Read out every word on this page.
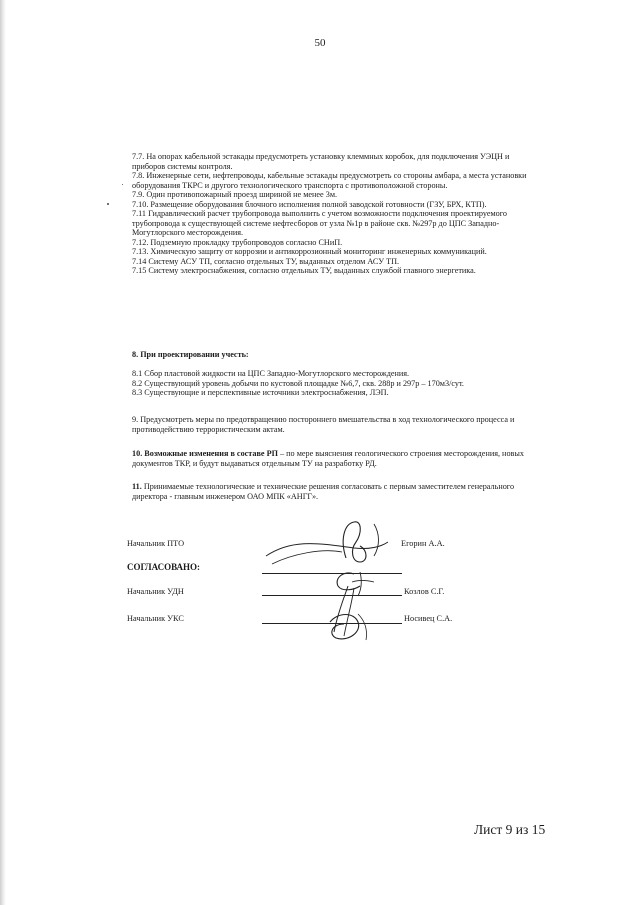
50

7.7. На опорах кабельной эстакады предусмотреть установку клеммных коробок, для подключения УЭЦН и приборов системы контроля.

7.8. Инженерные сети, нефтепроводы, кабельные эстакады предусмотреть со стороны амбара, а места установки оборудования ТКРС и другого технологического транспорта с противоположной стороны.

7.9. Один противопожарный проезд шириной не менее 3м.

7.10. Размещение оборудования блочного исполнения полной заводской готовности (ГЗУ, БРХ, КТП).

7.11 Гидравлический расчет трубопровода выполнить с учетом возможности подключения проектируемого трубопровода к существующей системе нефтесборов от узла №1р в районе скв. №297р до ЦПС Западно-Могутлорского месторождения.

7.12. Подземную прокладку трубопроводов согласно СНиП.

7.13. Химическую защиту от коррозии и антикоррозионный мониторинг инженерных коммуникаций.

7.14 Систему АСУ ТП, согласно отдельных ТУ, выданных отделом АСУ ТП.

7.15 Систему электроснабжения, согласно отдельных ТУ, выданных службой главного энергетика.

8. При проектировании учесть:

8.1 Сбор пластовой жидкости на ЦПС Западно-Могутлорского месторождения.

8.2 Существующий уровень добычи по кустовой площадке №6,7, скв. 288р и 297р – 170м3/сут.

8.3 Существующие и перспективные источники электроснабжения, ЛЭП.

9. Предусмотреть меры по предотвращению постороннего вмешательства в ход технологического процесса и противодействию террористическим актам.
10. Возможные изменения в составе РП – по мере выяснения геологического строения месторождения, новых документов ТКР, и будут выдаваться отдельным ТУ на разработку РД.
11. Принимаемые технологические и технические решения согласовать с первым заместителем генерального директора - главным инженером ОАО МПК «АНГГ».
Начальник ПТО	Егорин А.А.
СОГЛАСОВАНО:
Начальник УДН	Козлов С.Г.
Начальник УКС	Носивец С.А.
Лист 9 из 15
